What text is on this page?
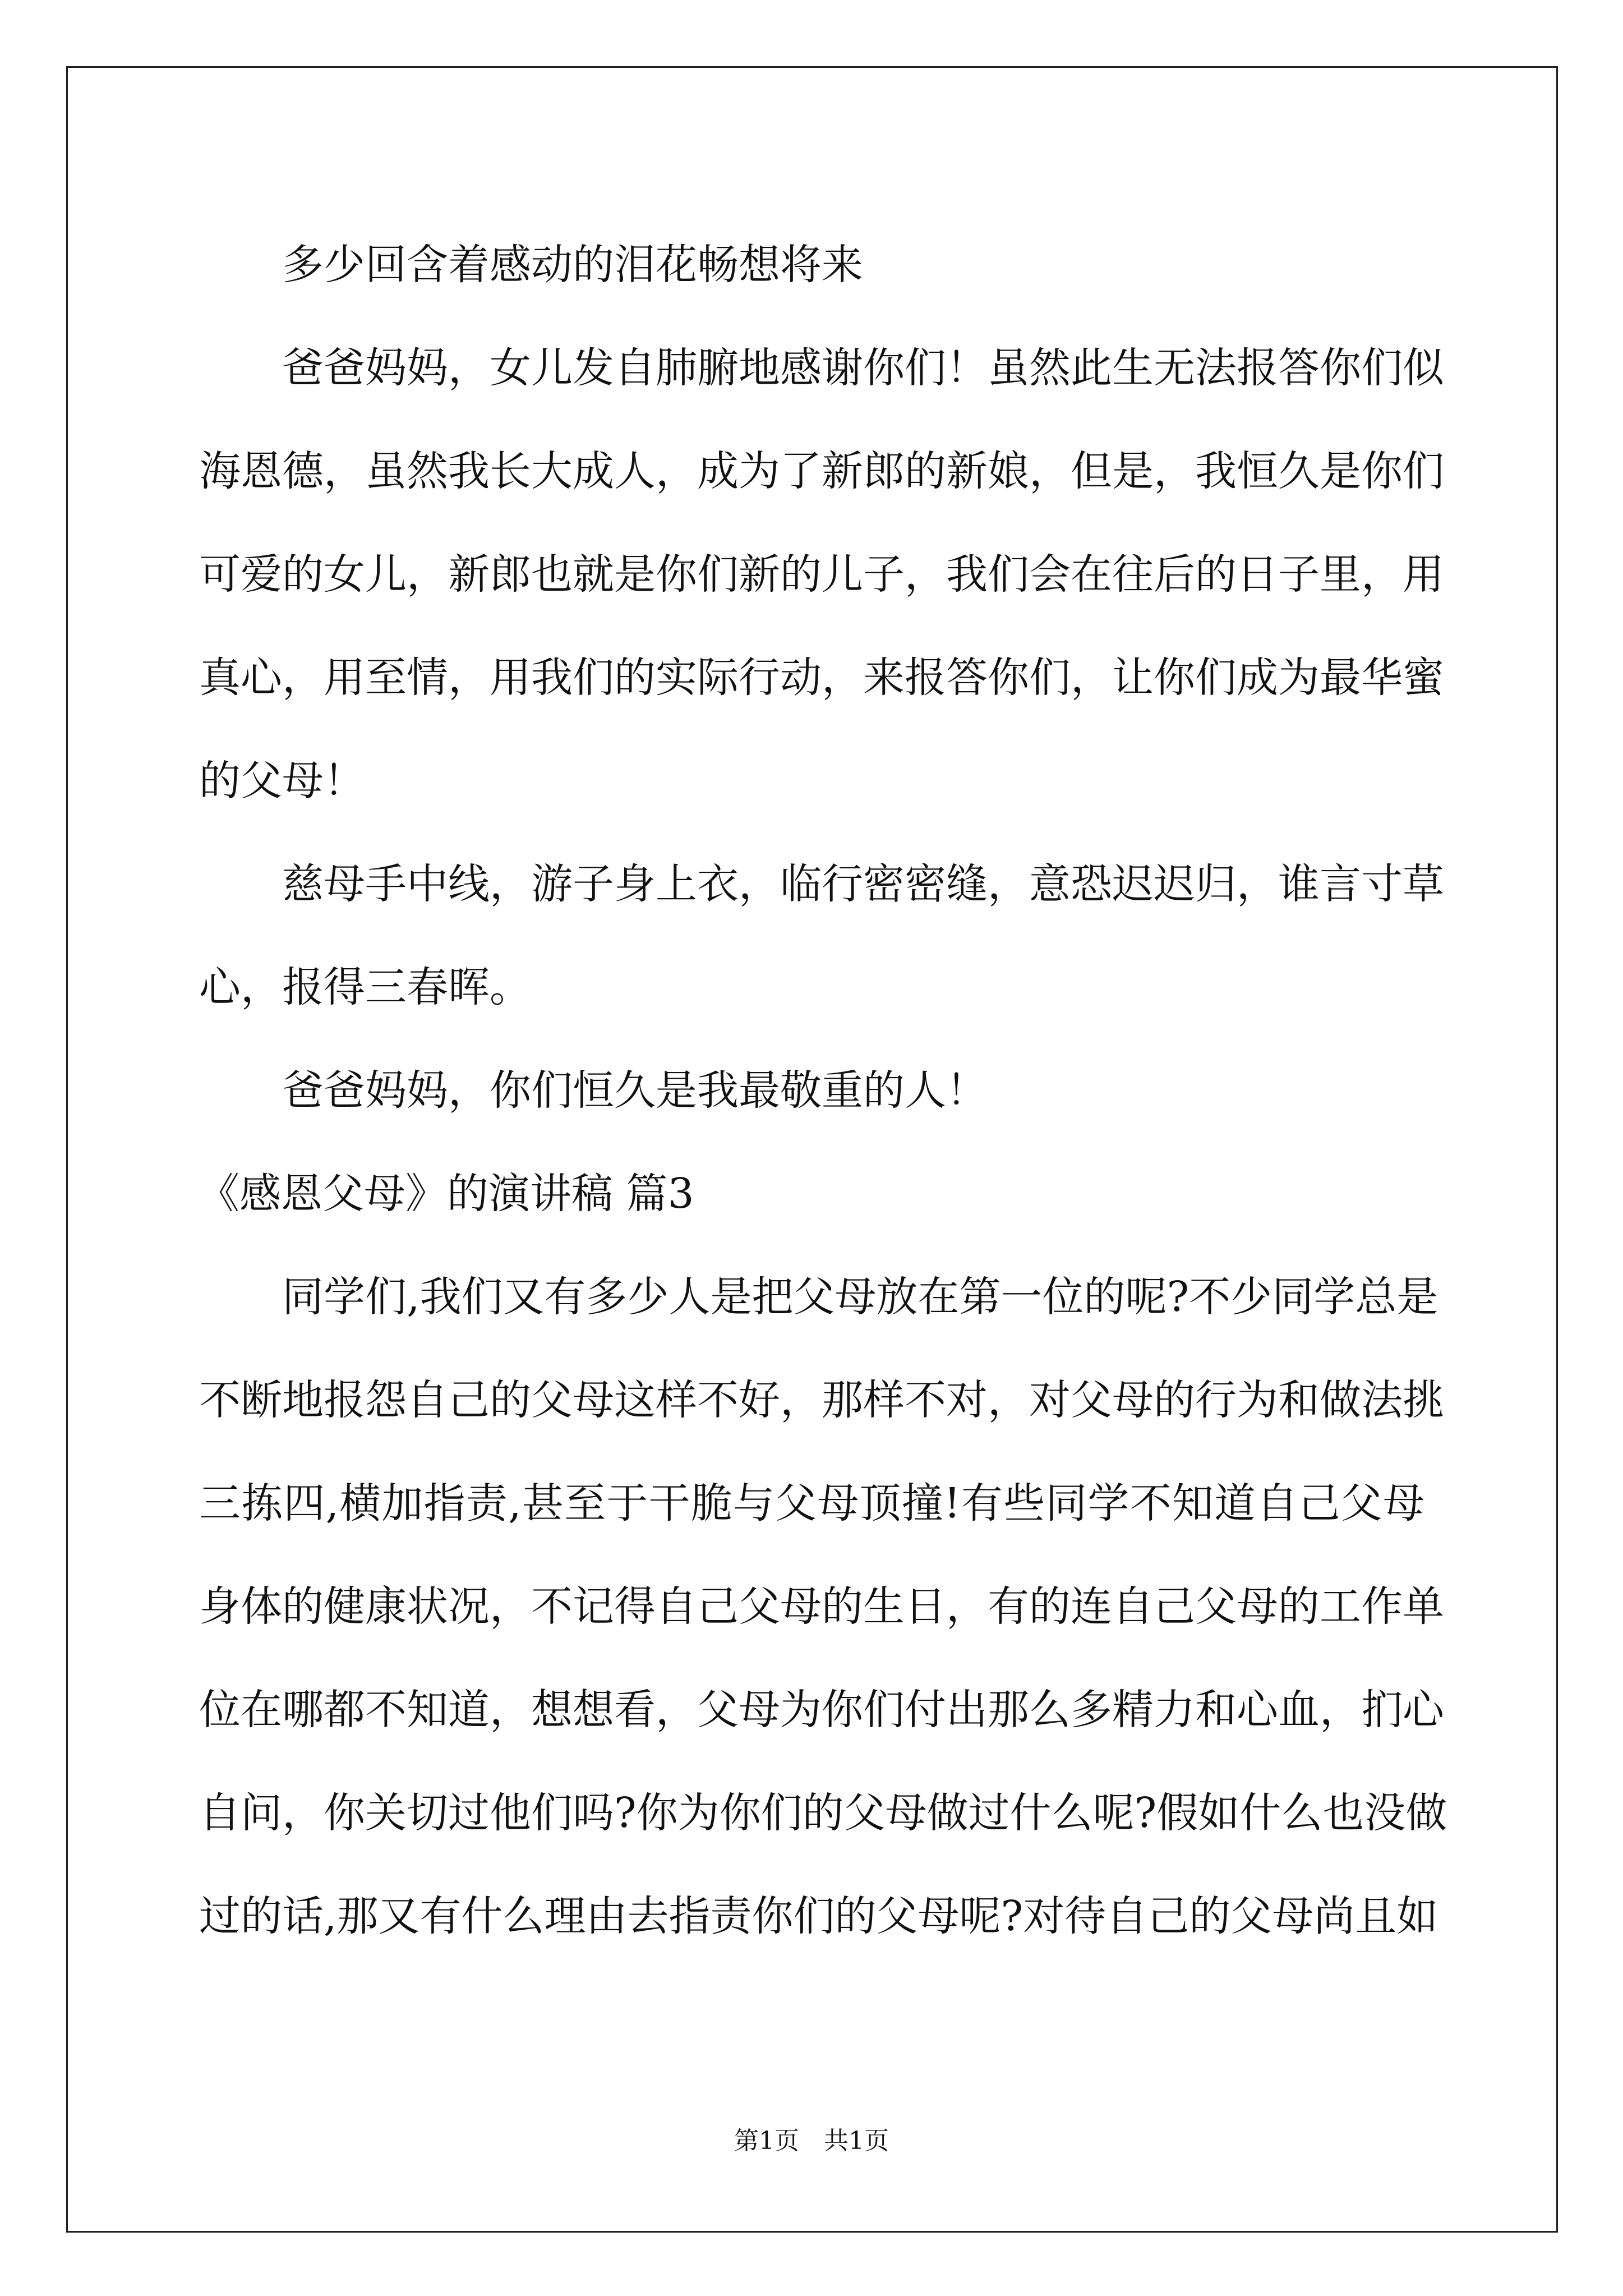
多少回含着感动的泪花畅想将来

爸爸妈妈，女儿发自肺腑地感谢你们！虽然此生无法报答你们似

海恩德，虽然我长大成人，成为了新郎的新娘，但是，我恒久是你们

可爱的女儿，新郎也就是你们新的儿子，我们会在往后的日子里，用

真心，用至情，用我们的实际行动，来报答你们，让你们成为最华蜜

的父母！

慈母手中线，游子身上衣，临行密密缝，意恐迟迟归，谁言寸草

心，报得三春晖。

爸爸妈妈，你们恒久是我最敬重的人！

《感恩父母》的演讲稿 篇3

同学们,我们又有多少人是把父母放在第一位的呢?不少同学总是

不断地报怨自己的父母这样不好，那样不对，对父母的行为和做法挑

三拣四,横加指责,甚至于干脆与父母顶撞!有些同学不知道自己父母

身体的健康状况，不记得自己父母的生日，有的连自己父母的工作单

位在哪都不知道，想想看，父母为你们付出那么多精力和心血，扪心

自问，你关切过他们吗?你为你们的父母做过什么呢?假如什么也没做

过的话,那又有什么理由去指责你们的父母呢?对待自己的父母尚且如

第1页　共1页
